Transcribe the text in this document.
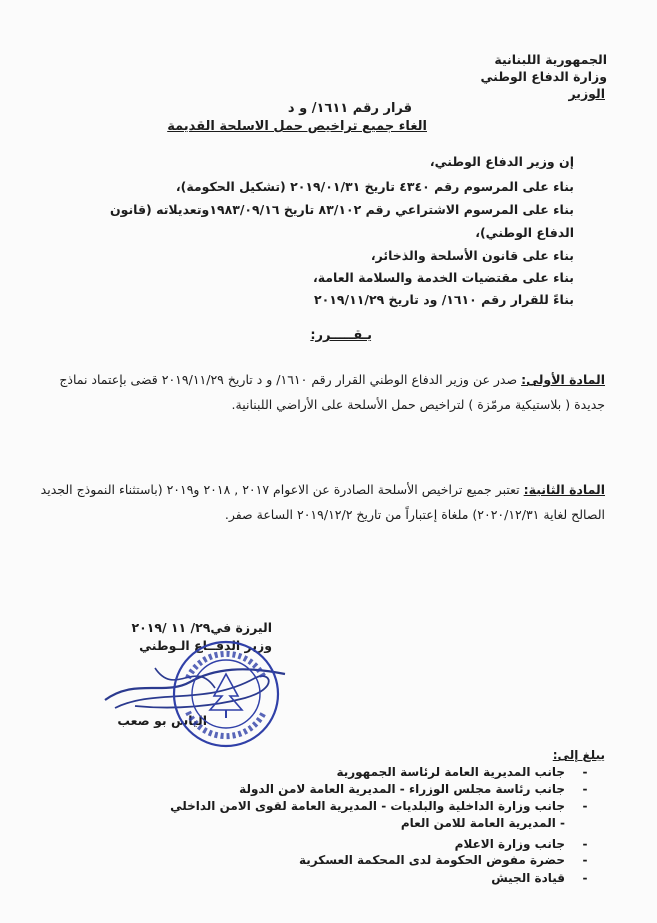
الجمهورية اللبنانية
وزارة الدفاع الوطني
الوزير
قرار رقم ١٦١١/ و د
الغاء جميع تراخيص حمل الاسلحة القديمة
إن وزير الدفاع الوطني،
بناء على المرسوم رقم ٤٣٤٠ تاريخ ٢٠١٩/٠١/٣١ (تشكيل الحكومة)،
بناء على المرسوم الاشتراعي رقم ٨٣/١٠٢ تاريخ ١٩٨٣/٠٩/١٦وتعديلاته (قانون
الدفاع الوطني)،
بناء على قانون الأسلحة والذخائر،
بناء على مقتضيات الخدمة والسلامة العامة،
بناءً للقرار رقم ١٦١٠/ ود تاريخ ٢٠١٩/١١/٢٩
يـقـــــرر:
المادة الأولى: صدر عن وزير الدفاع الوطني القرار رقم ١٦١٠/ و د تاريخ ٢٠١٩/١١/٢٩ قضى بإعتماد نماذج جديدة ( بلاستيكية مرمّزة ) لتراخيص حمل الأسلحة على الأراضي اللبنانية.
المادة الثانية: تعتبر جميع تراخيص الأسلحة الصادرة عن الاعوام ٢٠١٧ , ٢٠١٨ و٢٠١٩ (باستثناء النموذج الجديد الصالح لغاية ٢٠٢٠/١٢/٣١) ملغاة إعتباراً من تاريخ ٢٠١٩/١٢/٢ الساعة صفر.
اليرزة في٢٩/ ١١ /٢٠١٩
وزير الدفــاع الـوطني
الياس بو صعب
يبلغ إلى:
-جانب المديرية العامة لرئاسة الجمهورية
-جانب رئاسة مجلس الوزراء - المديرية العامة لامن الدولة
-جانب وزارة الداخلية والبلديات - المديرية العامة لقوى الامن الداخلي
- المديرية العامة للامن العام
-جانب وزارة الاعلام
-حضرة مفوض الحكومة لدى المحكمة العسكرية
-قيادة الجيش
